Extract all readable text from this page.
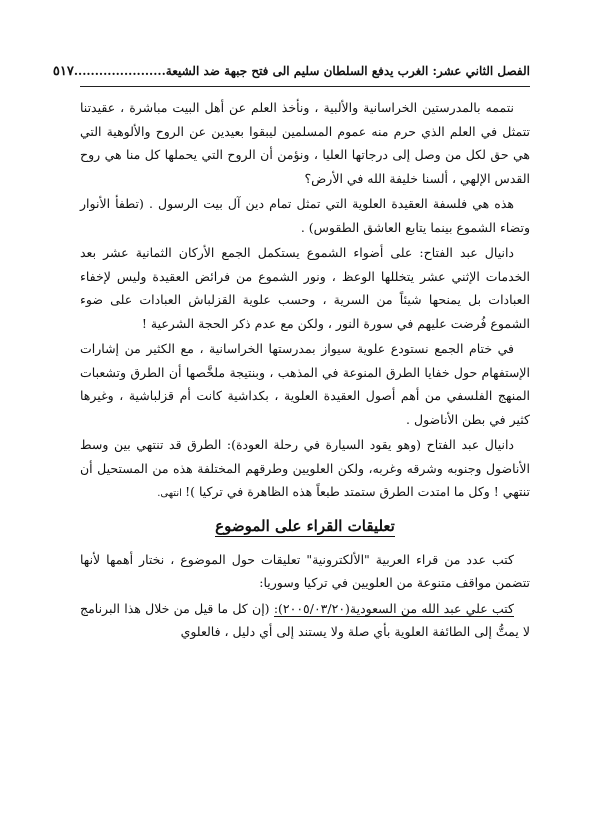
الفصل الثاني عشر: الغرب يدفع السلطان سليم الى فتح جبهة ضد الشيعة......................
٥١٧

نتممه بالمدرستين الخراسانية والألبية ، ونأخذ العلم عن أهل البيت مباشرة ، عقيدتنا تتمثل في العلم الذي حرم منه عموم المسلمين ليبقوا بعيدين عن الروح والألوهية التي هي حق لكل من وصل إلى درجاتها العليا ، ونؤمن أن الروح التي يحملها كل منا هي روح القدس الإلهي ، ألسنا خليفة الله في الأرض؟

هذه هي فلسفة العقيدة العلوية التي تمثل تمام دين آل بيت الرسول . (تطفأ الأنوار وتضاء الشموع بينما يتابع العاشق الطقوس) .

دانيال عبد الفتاح: على أضواء الشموع يستكمل الجمع الأركان الثمانية عشر بعد الخدمات الإثني عشر يتخللها الوعظ ، ونور الشموع من فرائض العقيدة وليس لإخفاء العبادات بل يمنحها شيئاً من السرية ، وحسب علوية القزلباش العبادات على ضوء الشموع فُرضت عليهم في سورة النور ، ولكن مع عدم ذكر الحجة الشرعية !

في ختام الجمع نستودع علوية سيواز بمدرستها الخراسانية ، مع الكثير من إشارات الإستفهام حول خفايا الطرق المنوعة في المذهب ، وبنتيجة ملخَّصها أن الطرق وتشعبات المنهج الفلسفي من أهم أصول العقيدة العلوية ، بكداشية كانت أم قزلباشية ، وغيرها كثير في بطن الأناضول .

دانيال عبد الفتاح (وهو يقود السيارة في رحلة العودة): الطرق قد تنتهي بين وسط الأناضول وجنوبه وشرقه وغربه، ولكن العلويين وطرقهم المختلفة هذه من المستحيل أن تنتهي ! وكل ما امتدت الطرق ستمتد طبعاً هذه الظاهرة في تركيا )! انتهى.

تعليقات القراء على الموضوع

كتب عدد من قراء العربية "الألكترونية" تعليقات حول الموضوع ، نختار أهمها لأنها تتضمن مواقف متنوعة من العلويين في تركيا وسوريا:

كتب علي عبد الله من السعودية(٢٠٠٥/٠٣/٢٠): (إن كل ما قيل من خلال هذا البرنامج لا يمتُّ إلى الطائفة العلوية بأي صلة ولا يستند إلى أي دليل ، فالعلوي
